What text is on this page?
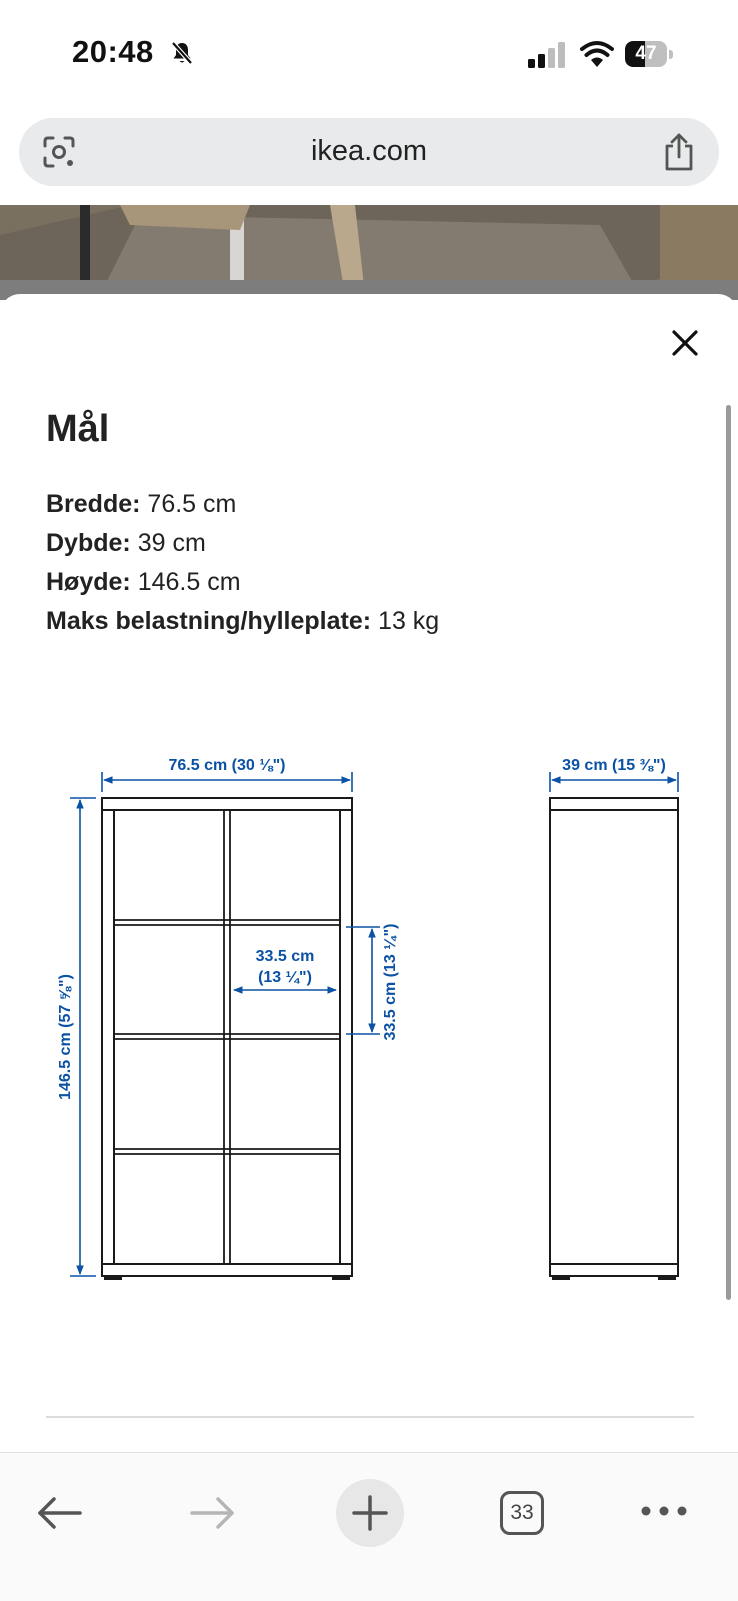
20:48	47
ikea.com
Mål
Bredde: 76.5 cm
Dybde: 39 cm
Høyde: 146.5 cm
Maks belastning/hylleplate: 13 kg
76.5 cm (30 ⅛")	39 cm (15 ⅜")
33.5 cm
(13 ¼")	33.5 cm (13 ¼")
146.5 cm (57 ⅝")
33
